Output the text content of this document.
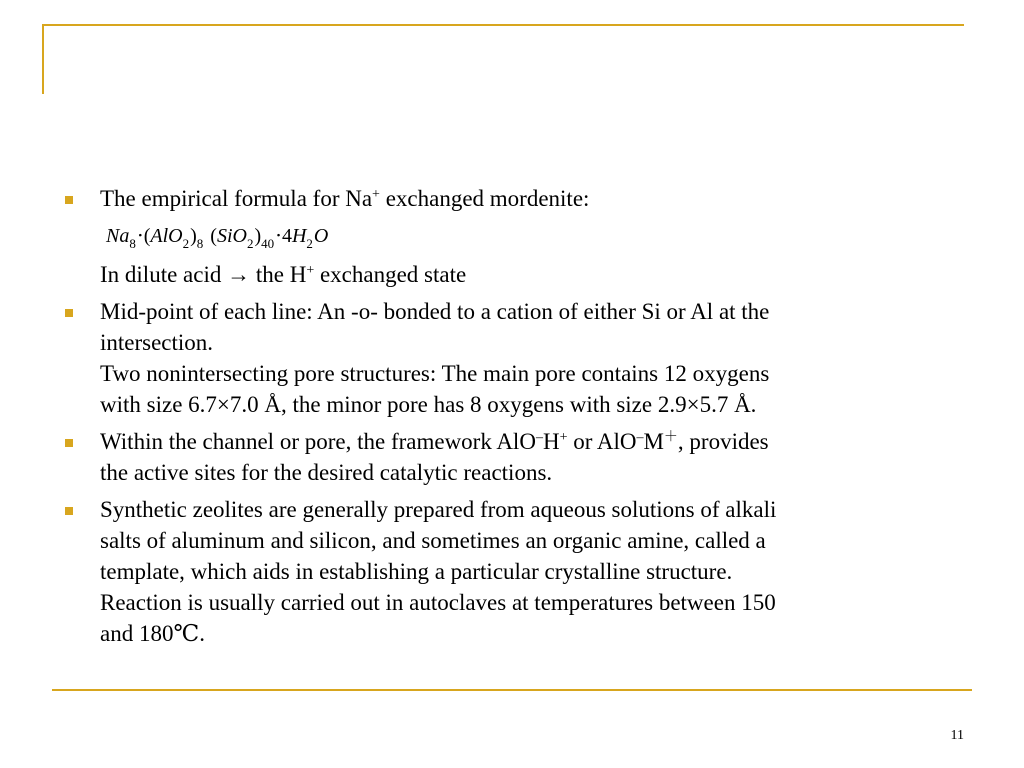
The empirical formula for Na+ exchanged mordenite:
$Na_8\cdot(AlO_2)_8$ $(SiO_2)_{40}\cdot 4H_2O$
In dilute acid → the H+ exchanged state
Mid-point of each line: An -o- bonded to a cation of either Si or Al at the
intersection.
Two nonintersecting pore structures: The main pore contains 12 oxygens
with size 6.7×7.0 Å, the minor pore has 8 oxygens with size 2.9×5.7 Å.
Within the channel or pore, the framework AlO–H+ or AlO–M＋, provides
the active sites for the desired catalytic reactions.
Synthetic zeolites are generally prepared from aqueous solutions of alkali
salts of aluminum and silicon, and sometimes an organic amine, called a
template, which aids in establishing a particular crystalline structure.
Reaction is usually carried out in autoclaves at temperatures between 150
and 180℃.
11
